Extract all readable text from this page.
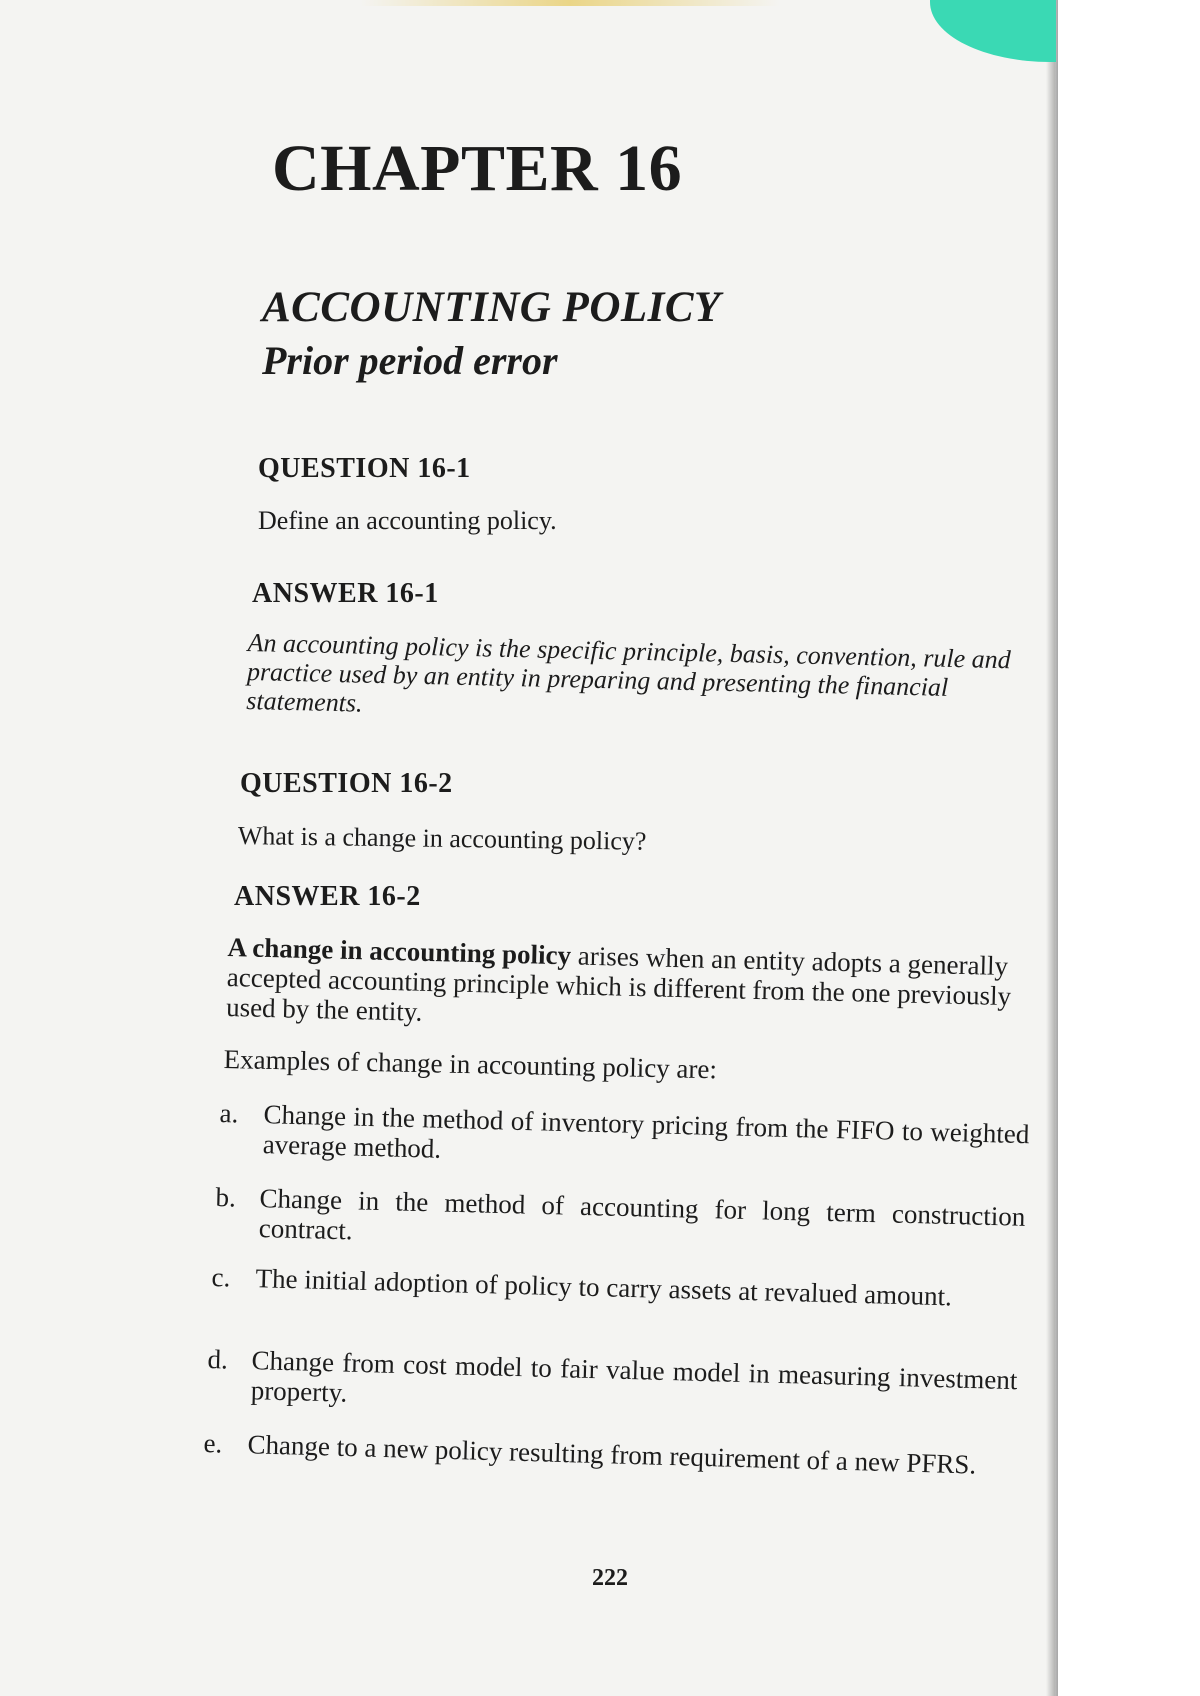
CHAPTER 16
ACCOUNTING POLICY
Prior period error

QUESTION 16-1

Define an accounting policy.

ANSWER 16-1

An accounting policy is the specific principle, basis, convention, rule and practice used by an entity in preparing and presenting the financial statements.

QUESTION 16-2

What is a change in accounting policy?

ANSWER 16-2

A change in accounting policy arises when an entity adopts a generally accepted accounting principle which is different from the one previously used by the entity.

Examples of change in accounting policy are:

a. Change in the method of inventory pricing from the FIFO to weighted average method.
b. Change in the method of accounting for long term construction contract.
c. The initial adoption of policy to carry assets at revalued amount.
d. Change from cost model to fair value model in measuring investment property.
e. Change to a new policy resulting from requirement of a new PFRS.

222
